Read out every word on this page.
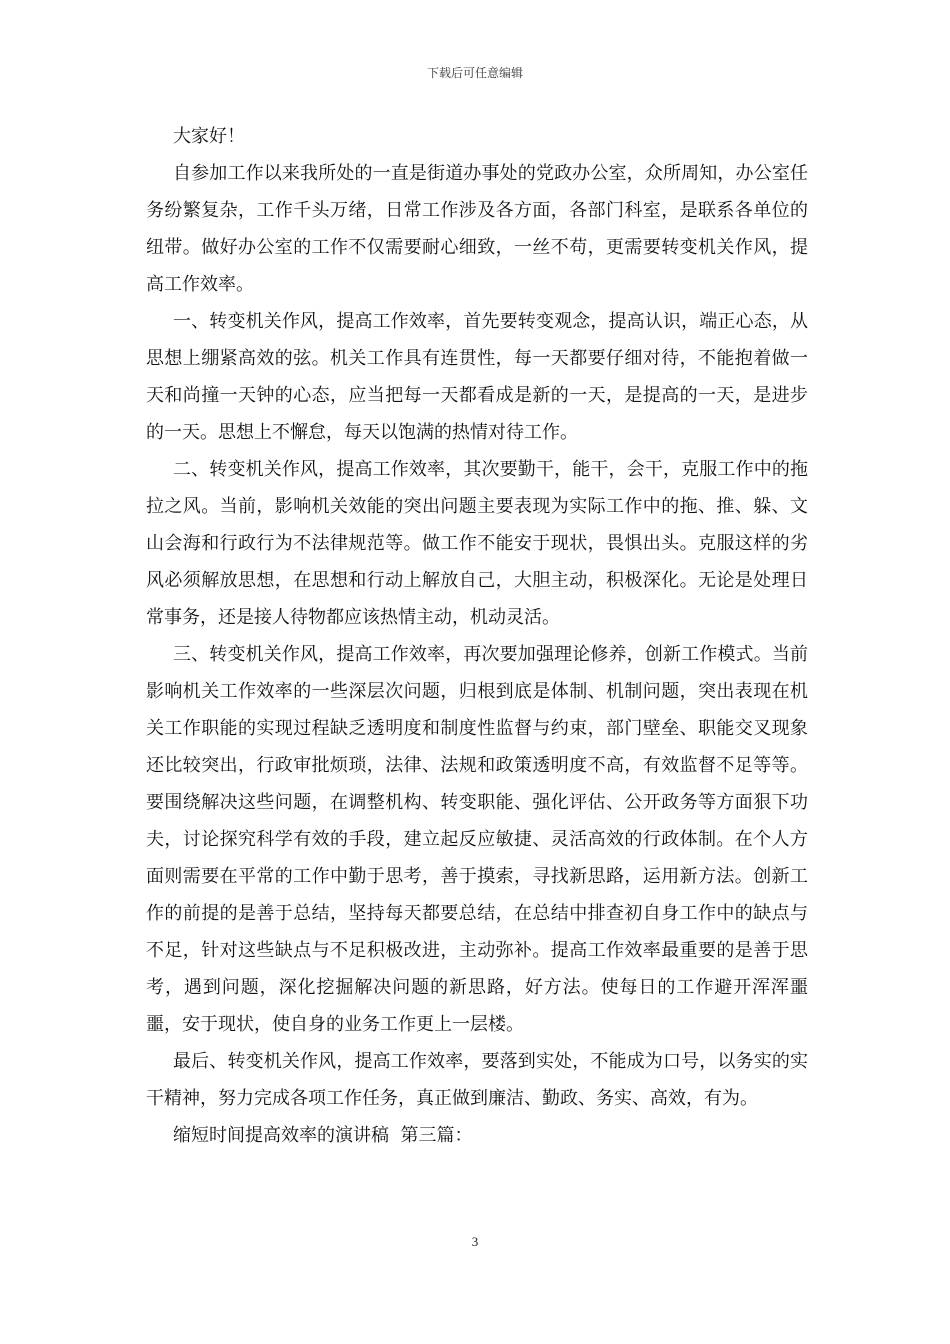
下载后可任意编辑

大家好！

自参加工作以来我所处的一直是街道办事处的党政办公室，众所周知，办公室任务纷繁复杂，工作千头万绪，日常工作涉及各方面，各部门科室，是联系各单位的纽带。做好办公室的工作不仅需要耐心细致，一丝不苟，更需要转变机关作风，提高工作效率。

一、转变机关作风，提高工作效率，首先要转变观念，提高认识，端正心态，从思想上绷紧高效的弦。机关工作具有连贯性，每一天都要仔细对待，不能抱着做一天和尚撞一天钟的心态，应当把每一天都看成是新的一天，是提高的一天，是进步的一天。思想上不懈怠，每天以饱满的热情对待工作。

二、转变机关作风，提高工作效率，其次要勤干，能干，会干，克服工作中的拖拉之风。当前，影响机关效能的突出问题主要表现为实际工作中的拖、推、躲、文山会海和行政行为不法律规范等。做工作不能安于现状，畏惧出头。克服这样的劣风必须解放思想，在思想和行动上解放自己，大胆主动，积极深化。无论是处理日常事务，还是接人待物都应该热情主动，机动灵活。

三、转变机关作风，提高工作效率，再次要加强理论修养，创新工作模式。当前影响机关工作效率的一些深层次问题，归根到底是体制、机制问题，突出表现在机关工作职能的实现过程缺乏透明度和制度性监督与约束，部门壁垒、职能交叉现象还比较突出，行政审批烦琐，法律、法规和政策透明度不高，有效监督不足等等。要围绕解决这些问题，在调整机构、转变职能、强化评估、公开政务等方面狠下功夫，讨论探究科学有效的手段，建立起反应敏捷、灵活高效的行政体制。在个人方面则需要在平常的工作中勤于思考，善于摸索，寻找新思路，运用新方法。创新工作的前提的是善于总结，坚持每天都要总结，在总结中排查初自身工作中的缺点与不足，针对这些缺点与不足积极改进，主动弥补。提高工作效率最重要的是善于思考，遇到问题，深化挖掘解决问题的新思路，好方法。使每日的工作避开浑浑噩噩，安于现状，使自身的业务工作更上一层楼。

最后、转变机关作风，提高工作效率，要落到实处，不能成为口号，以务实的实干精神，努力完成各项工作任务，真正做到廉洁、勤政、务实、高效，有为。

缩短时间提高效率的演讲稿  第三篇：

3
